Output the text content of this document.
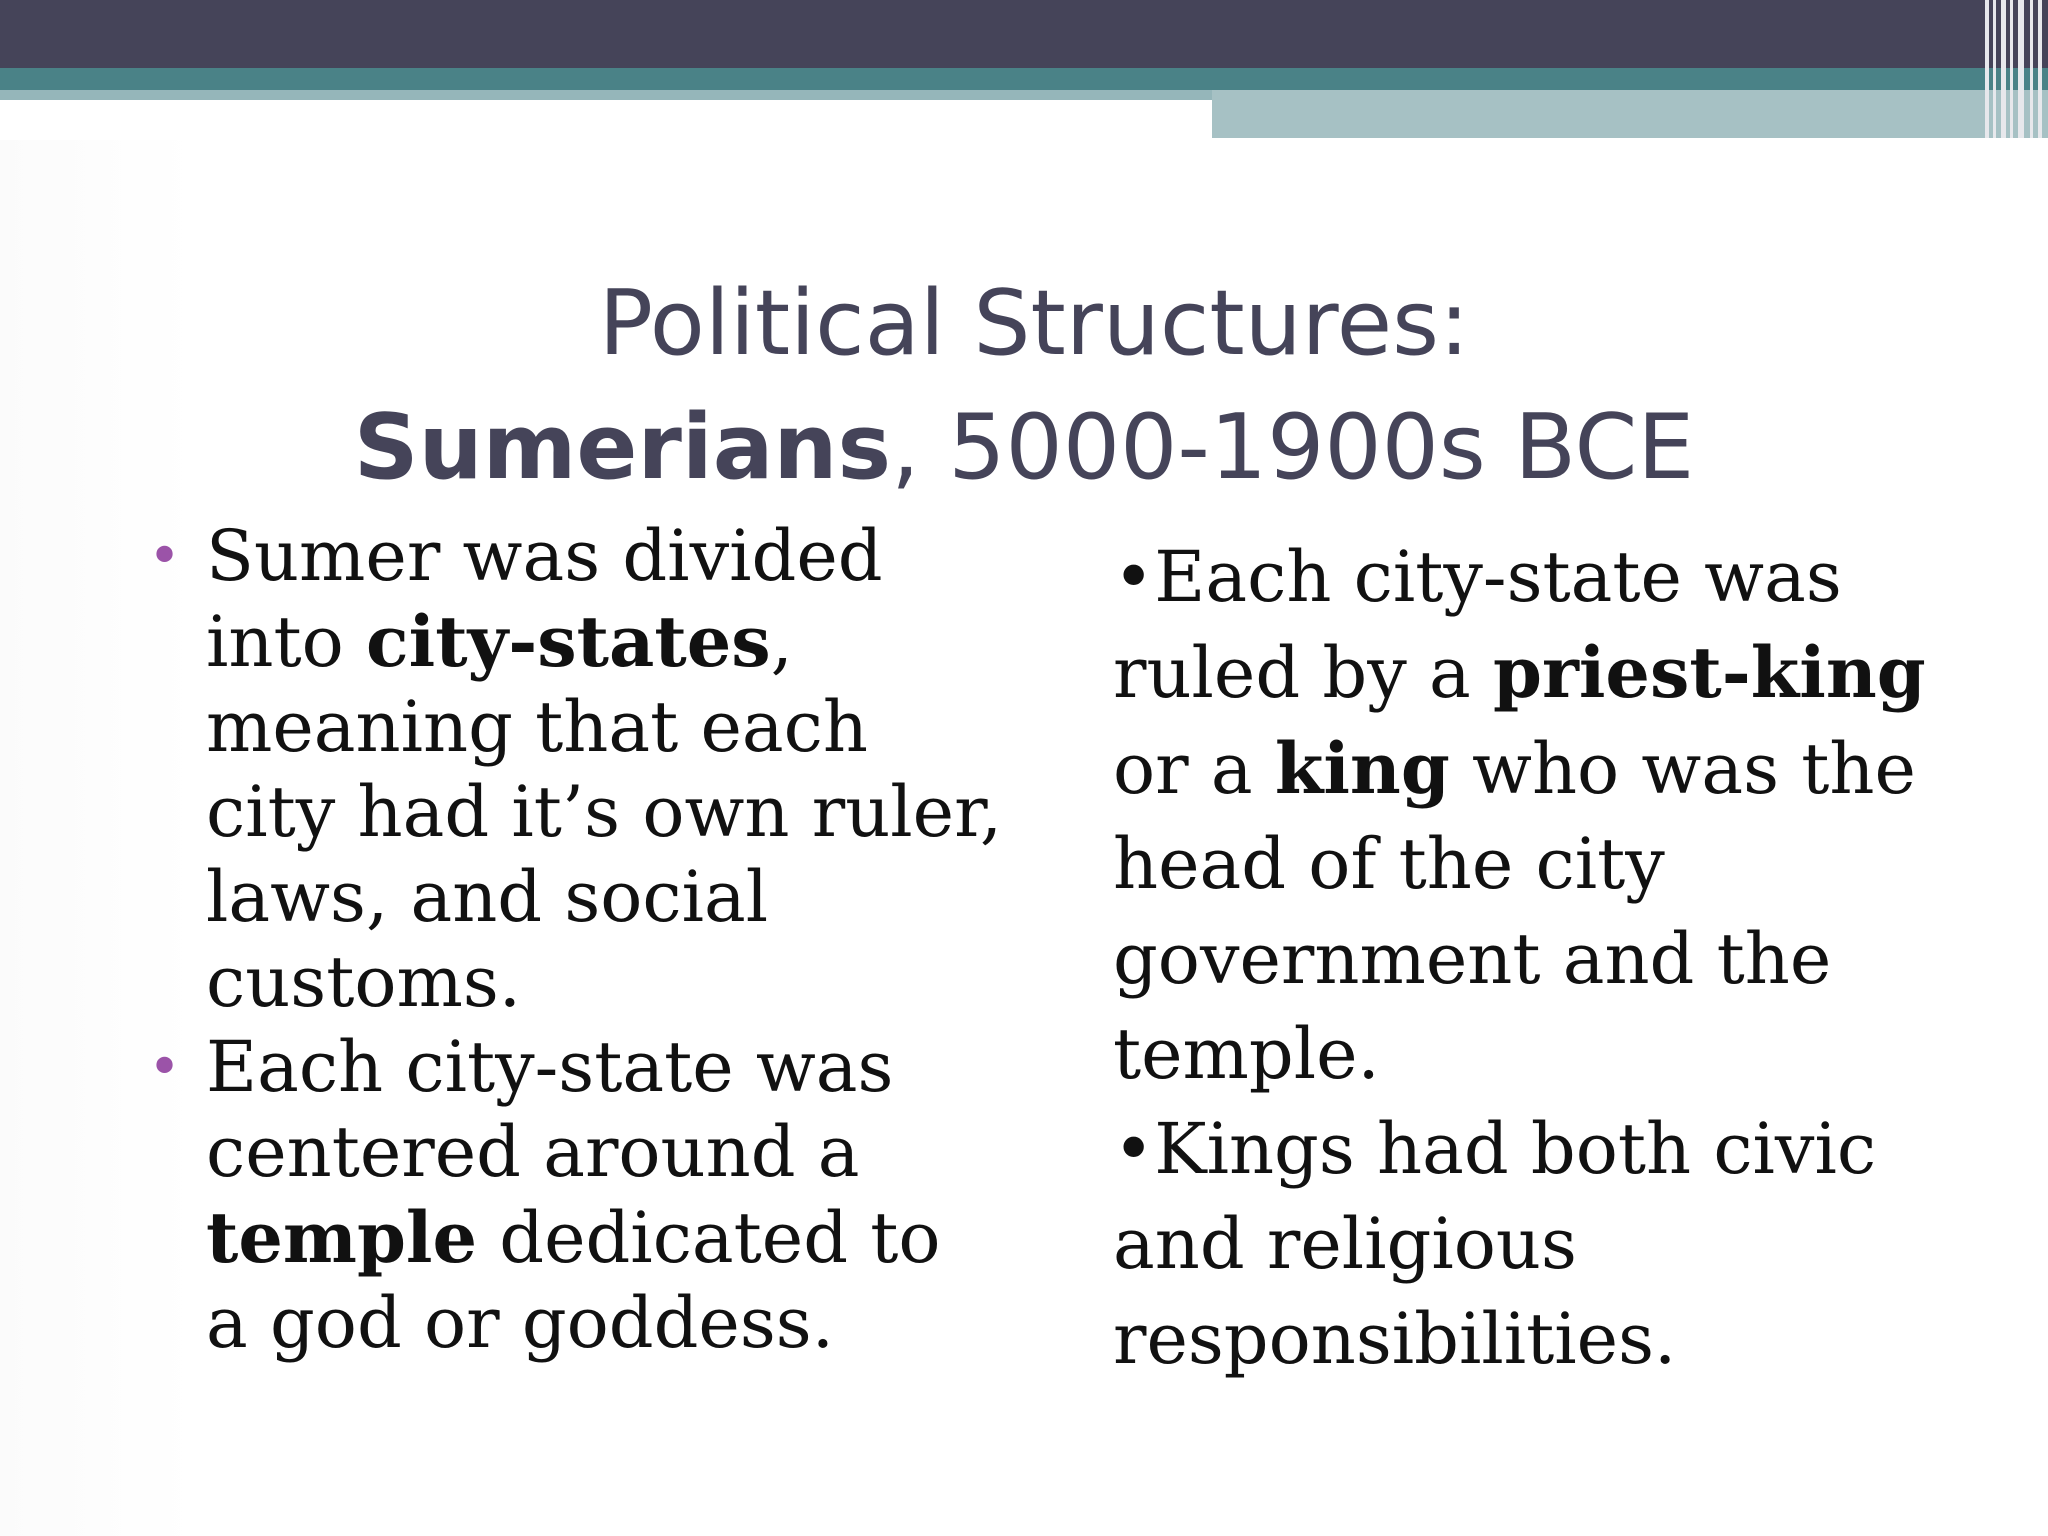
Political Structures:
Sumerians, 5000-1900s BCE
• Sumer was divided
into city-states,
meaning that each
city had it’s own ruler,
laws, and social
customs.
• Each city-state was
centered around a
temple dedicated to
a god or goddess.
•Each city-state was
ruled by a priest-king
or a king who was the
head of the city
government and the
temple.
•Kings had both civic
and religious
responsibilities.
